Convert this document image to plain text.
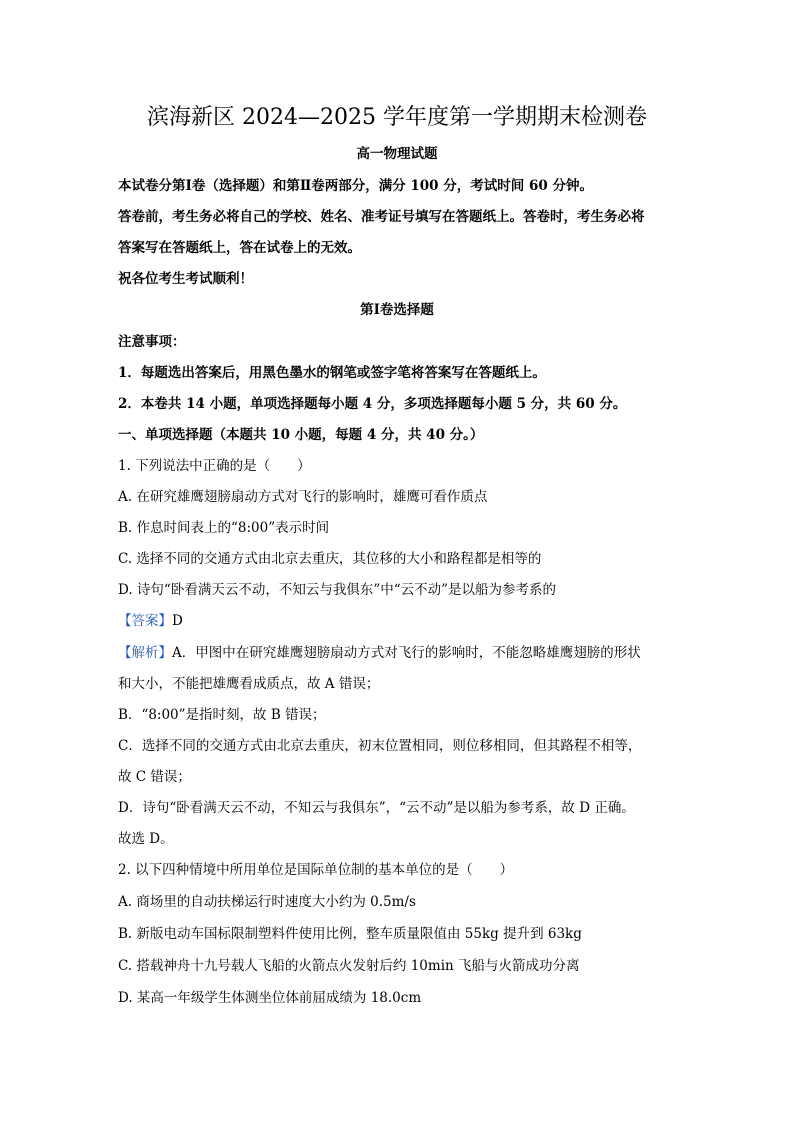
滨海新区 2024—2025 学年度第一学期期末检测卷
高一物理试题
本试卷分第Ⅰ卷（选择题）和第Ⅱ卷两部分，满分 100 分，考试时间 60 分钟。
答卷前，考生务必将自己的学校、姓名、准考证号填写在答题纸上。答卷时，考生务必将
答案写在答题纸上，答在试卷上的无效。
祝各位考生考试顺利！
第Ⅰ卷选择题
注意事项：
1．每题选出答案后，用黑色墨水的钢笔或签字笔将答案写在答题纸上。
2．本卷共 14 小题，单项选择题每小题 4 分，多项选择题每小题 5 分，共 60 分。
一、单项选择题（本题共 10 小题，每题 4 分，共 40 分。）
1. 下列说法中正确的是（　　）
A. 在研究雄鹰翅膀扇动方式对飞行的影响时，雄鹰可看作质点
B. 作息时间表上的“8:00”表示时间
C. 选择不同的交通方式由北京去重庆，其位移的大小和路程都是相等的
D. 诗句“卧看满天云不动，不知云与我俱东”中“云不动”是以船为参考系的
【答案】D
【解析】A．甲图中在研究雄鹰翅膀扇动方式对飞行的影响时，不能忽略雄鹰翅膀的形状
和大小，不能把雄鹰看成质点，故 A 错误；
B．“8:00”是指时刻，故 B 错误；
C．选择不同的交通方式由北京去重庆，初末位置相同，则位移相同，但其路程不相等，
故 C 错误；
D．诗句“卧看满天云不动，不知云与我俱东”，“云不动”是以船为参考系，故 D 正确。
故选 D。
2. 以下四种情境中所用单位是国际单位制的基本单位的是（　　）
A. 商场里的自动扶梯运行时速度大小约为 0.5m/s
B. 新版电动车国标限制塑料件使用比例，整车质量限值由 55kg 提升到 63kg
C. 搭载神舟十九号载人飞船的火箭点火发射后约 10min 飞船与火箭成功分离
D. 某高一年级学生体测坐位体前屈成绩为 18.0cm
